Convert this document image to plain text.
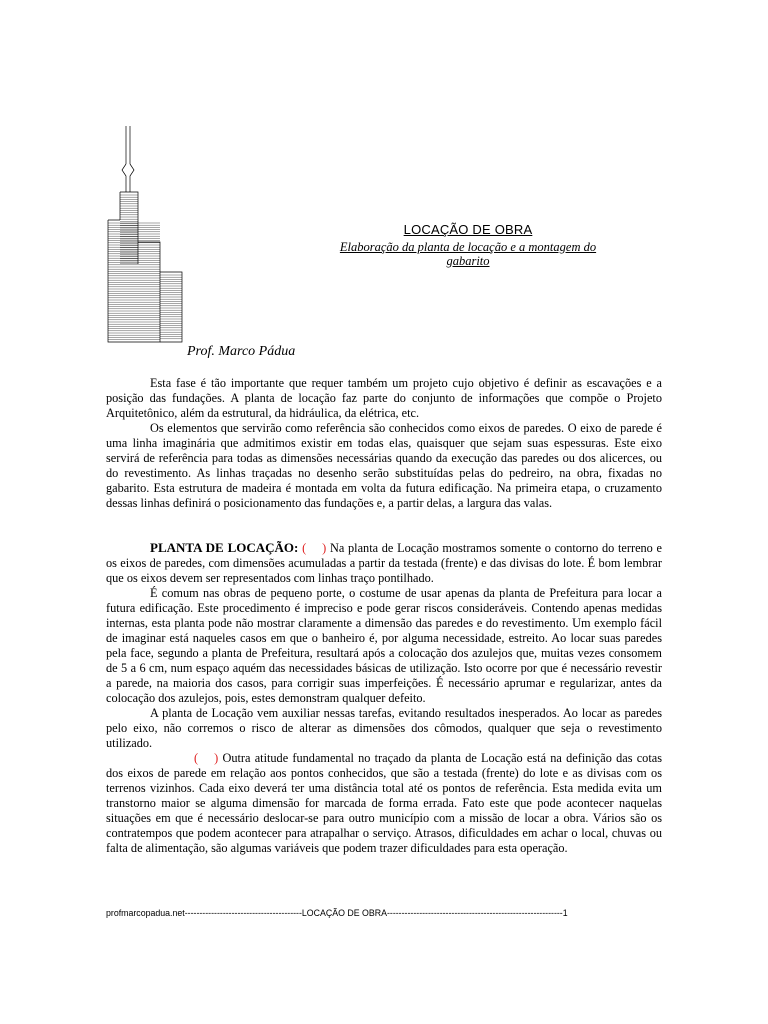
LOCAÇÃO DE OBRA
Elaboração da planta de locação e a montagem do gabarito
Prof. Marco Pádua

Esta fase é tão importante que requer também um projeto cujo objetivo é definir as escavações e a posição das fundações. A planta de locação faz parte do conjunto de informações que compõe o Projeto Arquitetônico, além da estrutural, da hidráulica, da elétrica, etc.

Os elementos que servirão como referência são conhecidos como eixos de paredes. O eixo de parede é uma linha imaginária que admitimos existir em todas elas, quaisquer que sejam suas espessuras. Este eixo servirá de referência para todas as dimensões necessárias quando da execução das paredes ou dos alicerces, ou do revestimento. As linhas traçadas no desenho serão substituídas pelas do pedreiro, na obra, fixadas no gabarito. Esta estrutura de madeira é montada em volta da futura edificação. Na primeira etapa, o cruzamento dessas linhas definirá o posicionamento das fundações e, a partir delas, a largura das valas.

PLANTA DE LOCAÇÃO: ( ) Na planta de Locação mostramos somente o contorno do terreno e os eixos de paredes, com dimensões acumuladas a partir da testada (frente) e das divisas do lote. É bom lembrar que os eixos devem ser representados com linhas traço pontilhado.

É comum nas obras de pequeno porte, o costume de usar apenas da planta de Prefeitura para locar a futura edificação. Este procedimento é impreciso e pode gerar riscos consideráveis. Contendo apenas medidas internas, esta planta pode não mostrar claramente a dimensão das paredes e do revestimento. Um exemplo fácil de imaginar está naqueles casos em que o banheiro é, por alguma necessidade, estreito. Ao locar suas paredes pela face, segundo a planta de Prefeitura, resultará após a colocação dos azulejos que, muitas vezes consomem de 5 a 6 cm, num espaço aquém das necessidades básicas de utilização. Isto ocorre por que é necessário revestir a parede, na maioria dos casos, para corrigir suas imperfeições. É necessário aprumar e regularizar, antes da colocação dos azulejos, pois, estes demonstram qualquer defeito.

A planta de Locação vem auxiliar nessas tarefas, evitando resultados inesperados. Ao locar as paredes pelo eixo, não corremos o risco de alterar as dimensões dos cômodos, qualquer que seja o revestimento utilizado.

( ) Outra atitude fundamental no traçado da planta de Locação está na definição das cotas dos eixos de parede em relação aos pontos conhecidos, que são a testada (frente) do lote e as divisas com os terrenos vizinhos. Cada eixo deverá ter uma distância total até os pontos de referência. Esta medida evita um transtorno maior se alguma dimensão for marcada de forma errada. Fato este que pode acontecer naquelas situações em que é necessário deslocar-se para outro município com a missão de locar a obra. Vários são os contratempos que podem acontecer para atrapalhar o serviço. Atrasos, dificuldades em achar o local, chuvas ou falta de alimentação, são algumas variáveis que podem trazer dificuldades para esta operação.

profmarcopadua.net----------------------------------------LOCAÇÃO DE OBRA------------------------------------------------------------1
